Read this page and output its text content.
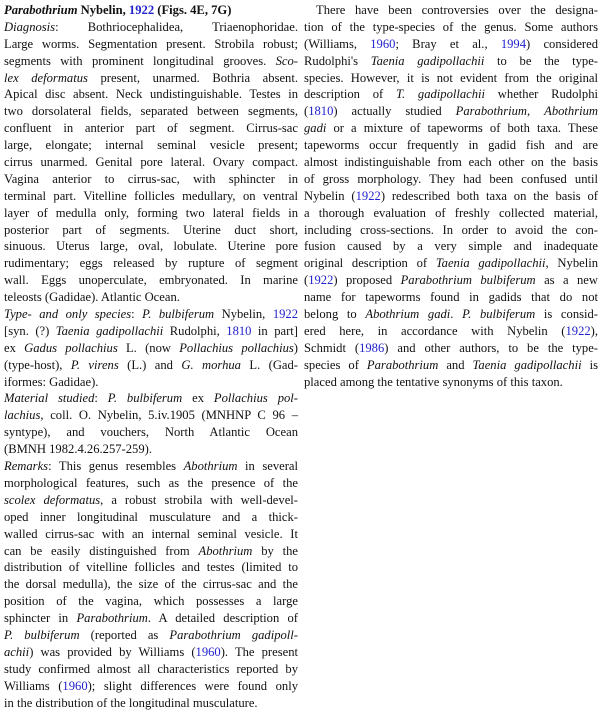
Parabothrium Nybelin, 1922 (Figs. 4E, 7G)
Diagnosis: Bothriocephalidea, Triaenophoridae.
Large worms. Segmentation present. Strobila robust;
segments with prominent longitudinal grooves. Sco-
lex deformatus present, unarmed. Bothria absent.
Apical disc absent. Neck undistinguishable. Testes in
two dorsolateral fields, separated between segments,
confluent in anterior part of segment. Cirrus-sac
large, elongate; internal seminal vesicle present;
cirrus unarmed. Genital pore lateral. Ovary compact.
Vagina anterior to cirrus-sac, with sphincter in
terminal part. Vitelline follicles medullary, on ventral
layer of medulla only, forming two lateral fields in
posterior part of segments. Uterine duct short,
sinuous. Uterus large, oval, lobulate. Uterine pore
rudimentary; eggs released by rupture of segment
wall. Eggs unoperculate, embryonated. In marine
teleosts (Gadidae). Atlantic Ocean.
Type- and only species: P. bulbiferum Nybelin, 1922
[syn. (?) Taenia gadipollachii Rudolphi, 1810 in part]
ex Gadus pollachius L. (now Pollachius pollachius)
(type-host), P. virens (L.) and G. morhua L. (Gad-
iformes: Gadidae).
Material studied: P. bulbiferum ex Pollachius pol-
lachius, coll. O. Nybelin, 5.iv.1905 (MNHNP C 96 –
syntype), and vouchers, North Atlantic Ocean
(BMNH 1982.4.26.257-259).
Remarks: This genus resembles Abothrium in several
morphological features, such as the presence of the
scolex deformatus, a robust strobila with well-devel-
oped inner longitudinal musculature and a thick-
walled cirrus-sac with an internal seminal vesicle. It
can be easily distinguished from Abothrium by the
distribution of vitelline follicles and testes (limited to
the dorsal medulla), the size of the cirrus-sac and the
position of the vagina, which possesses a large
sphincter in Parabothrium. A detailed description of
P. bulbiferum (reported as Parabothrium gadipoll-
achii) was provided by Williams (1960). The present
study confirmed almost all characteristics reported by
Williams (1960); slight differences were found only
in the distribution of the longitudinal musculature.
There have been controversies over the designa-
tion of the type-species of the genus. Some authors
(Williams, 1960; Bray et al., 1994) considered
Rudolphi's Taenia gadipollachii to be the type-
species. However, it is not evident from the original
description of T. gadipollachii whether Rudolphi
(1810) actually studied Parabothrium, Abothrium
gadi or a mixture of tapeworms of both taxa. These
tapeworms occur frequently in gadid fish and are
almost indistinguishable from each other on the basis
of gross morphology. They had been confused until
Nybelin (1922) redescribed both taxa on the basis of
a thorough evaluation of freshly collected material,
including cross-sections. In order to avoid the con-
fusion caused by a very simple and inadequate
original description of Taenia gadipollachii, Nybelin
(1922) proposed Parabothrium bulbiferum as a new
name for tapeworms found in gadids that do not
belong to Abothrium gadi. P. bulbiferum is consid-
ered here, in accordance with Nybelin (1922),
Schmidt (1986) and other authors, to be the type-
species of Parabothrium and Taenia gadipollachii is
placed among the tentative synonyms of this taxon.
